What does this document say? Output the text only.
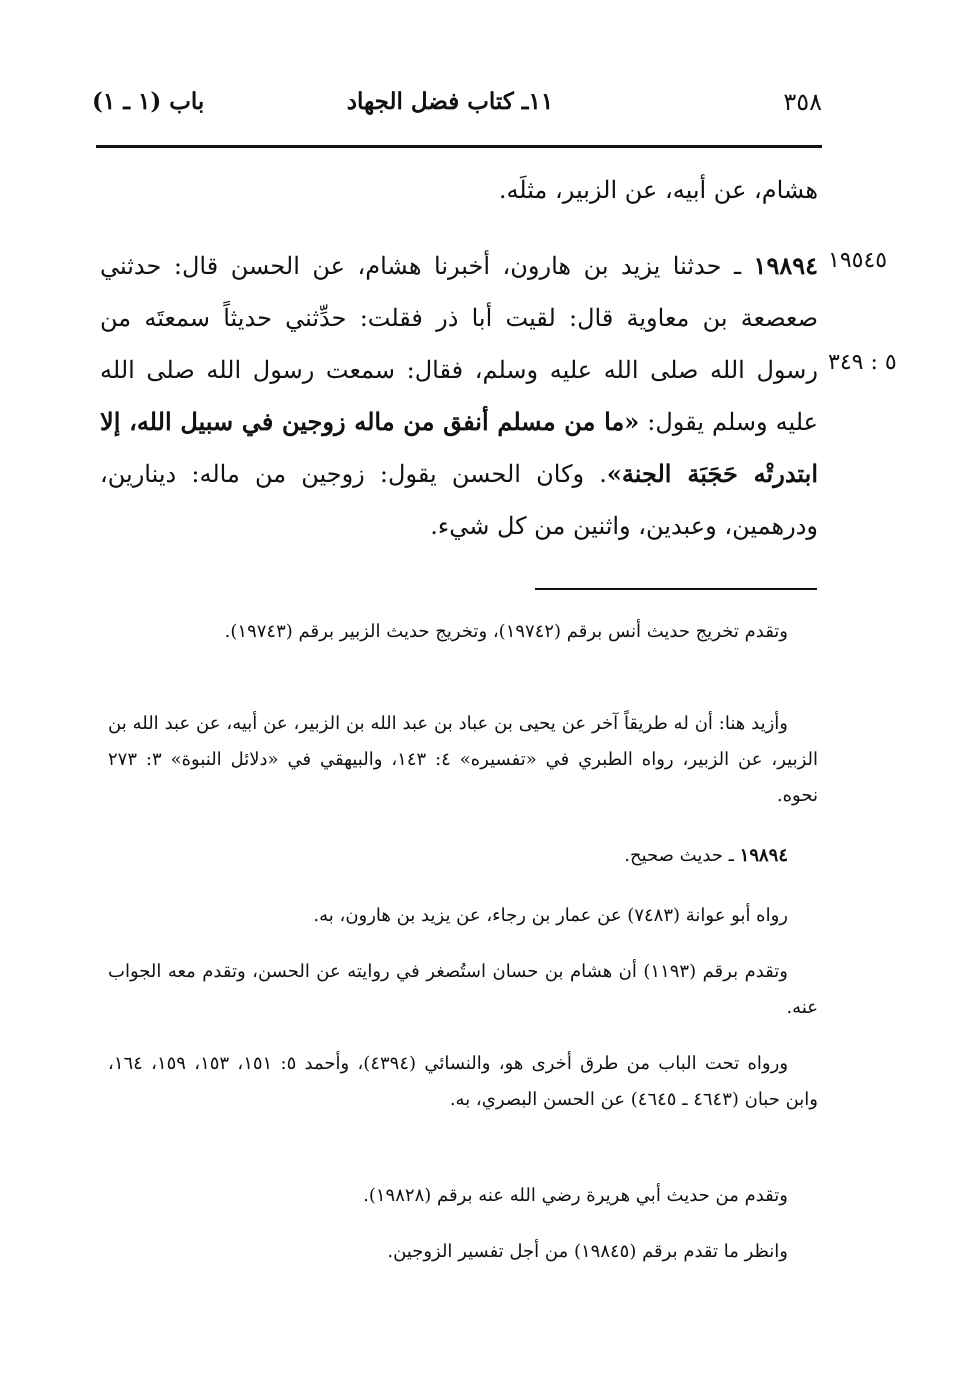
٣٥٨
١١ـ كتاب فضل الجهاد
باب (١ ـ ١)
هشام، عن أبيه، عن الزبير، مثلَه.
١٩٥٤٥
٥ : ٣٤٩
١٩٨٩٤ ـ حدثنا يزيد بن هارون، أخبرنا هشام، عن الحسن قال: حدثني صعصعة بن معاوية قال: لقيت أبا ذر فقلت: حدِّثني حديثاً سمعتَه من رسول الله صلى الله عليه وسلم، فقال: سمعت رسول الله صلى الله عليه وسلم يقول: «ما من مسلم أنفق من ماله زوجين في سبيل الله، إلا ابتدرتْه حَجَبَة الجنة». وكان الحسن يقول: زوجين من ماله: دينارين، ودرهمين، وعبدين، واثنين من كل شيء.

وتقدم تخريج حديث أنس برقم (١٩٧٤٢)، وتخريج حديث الزبير برقم (١٩٧٤٣).

وأزيد هنا: أن له طريقاً آخر عن يحيى بن عباد بن عبد الله بن الزبير، عن أبيه، عن عبد الله بن الزبير، عن الزبير، رواه الطبري في «تفسيره» ٤: ١٤٣، والبيهقي في «دلائل النبوة» ٣: ٢٧٣ نحوه.

١٩٨٩٤ ـ حديث صحيح.

رواه أبو عوانة (٧٤٨٣) عن عمار بن رجاء، عن يزيد بن هارون، به.

وتقدم برقم (١١٩٣) أن هشام بن حسان استُصغر في روايته عن الحسن، وتقدم معه الجواب عنه.

ورواه تحت الباب من طرق أخرى هو، والنسائي (٤٣٩٤)، وأحمد ٥: ١٥١، ١٥٣، ١٥٩، ١٦٤، وابن حبان (٤٦٤٣ ـ ٤٦٤٥) عن الحسن البصري، به.

وتقدم من حديث أبي هريرة رضي الله عنه برقم (١٩٨٢٨).

وانظر ما تقدم برقم (١٩٨٤٥) من أجل تفسير الزوجين.
